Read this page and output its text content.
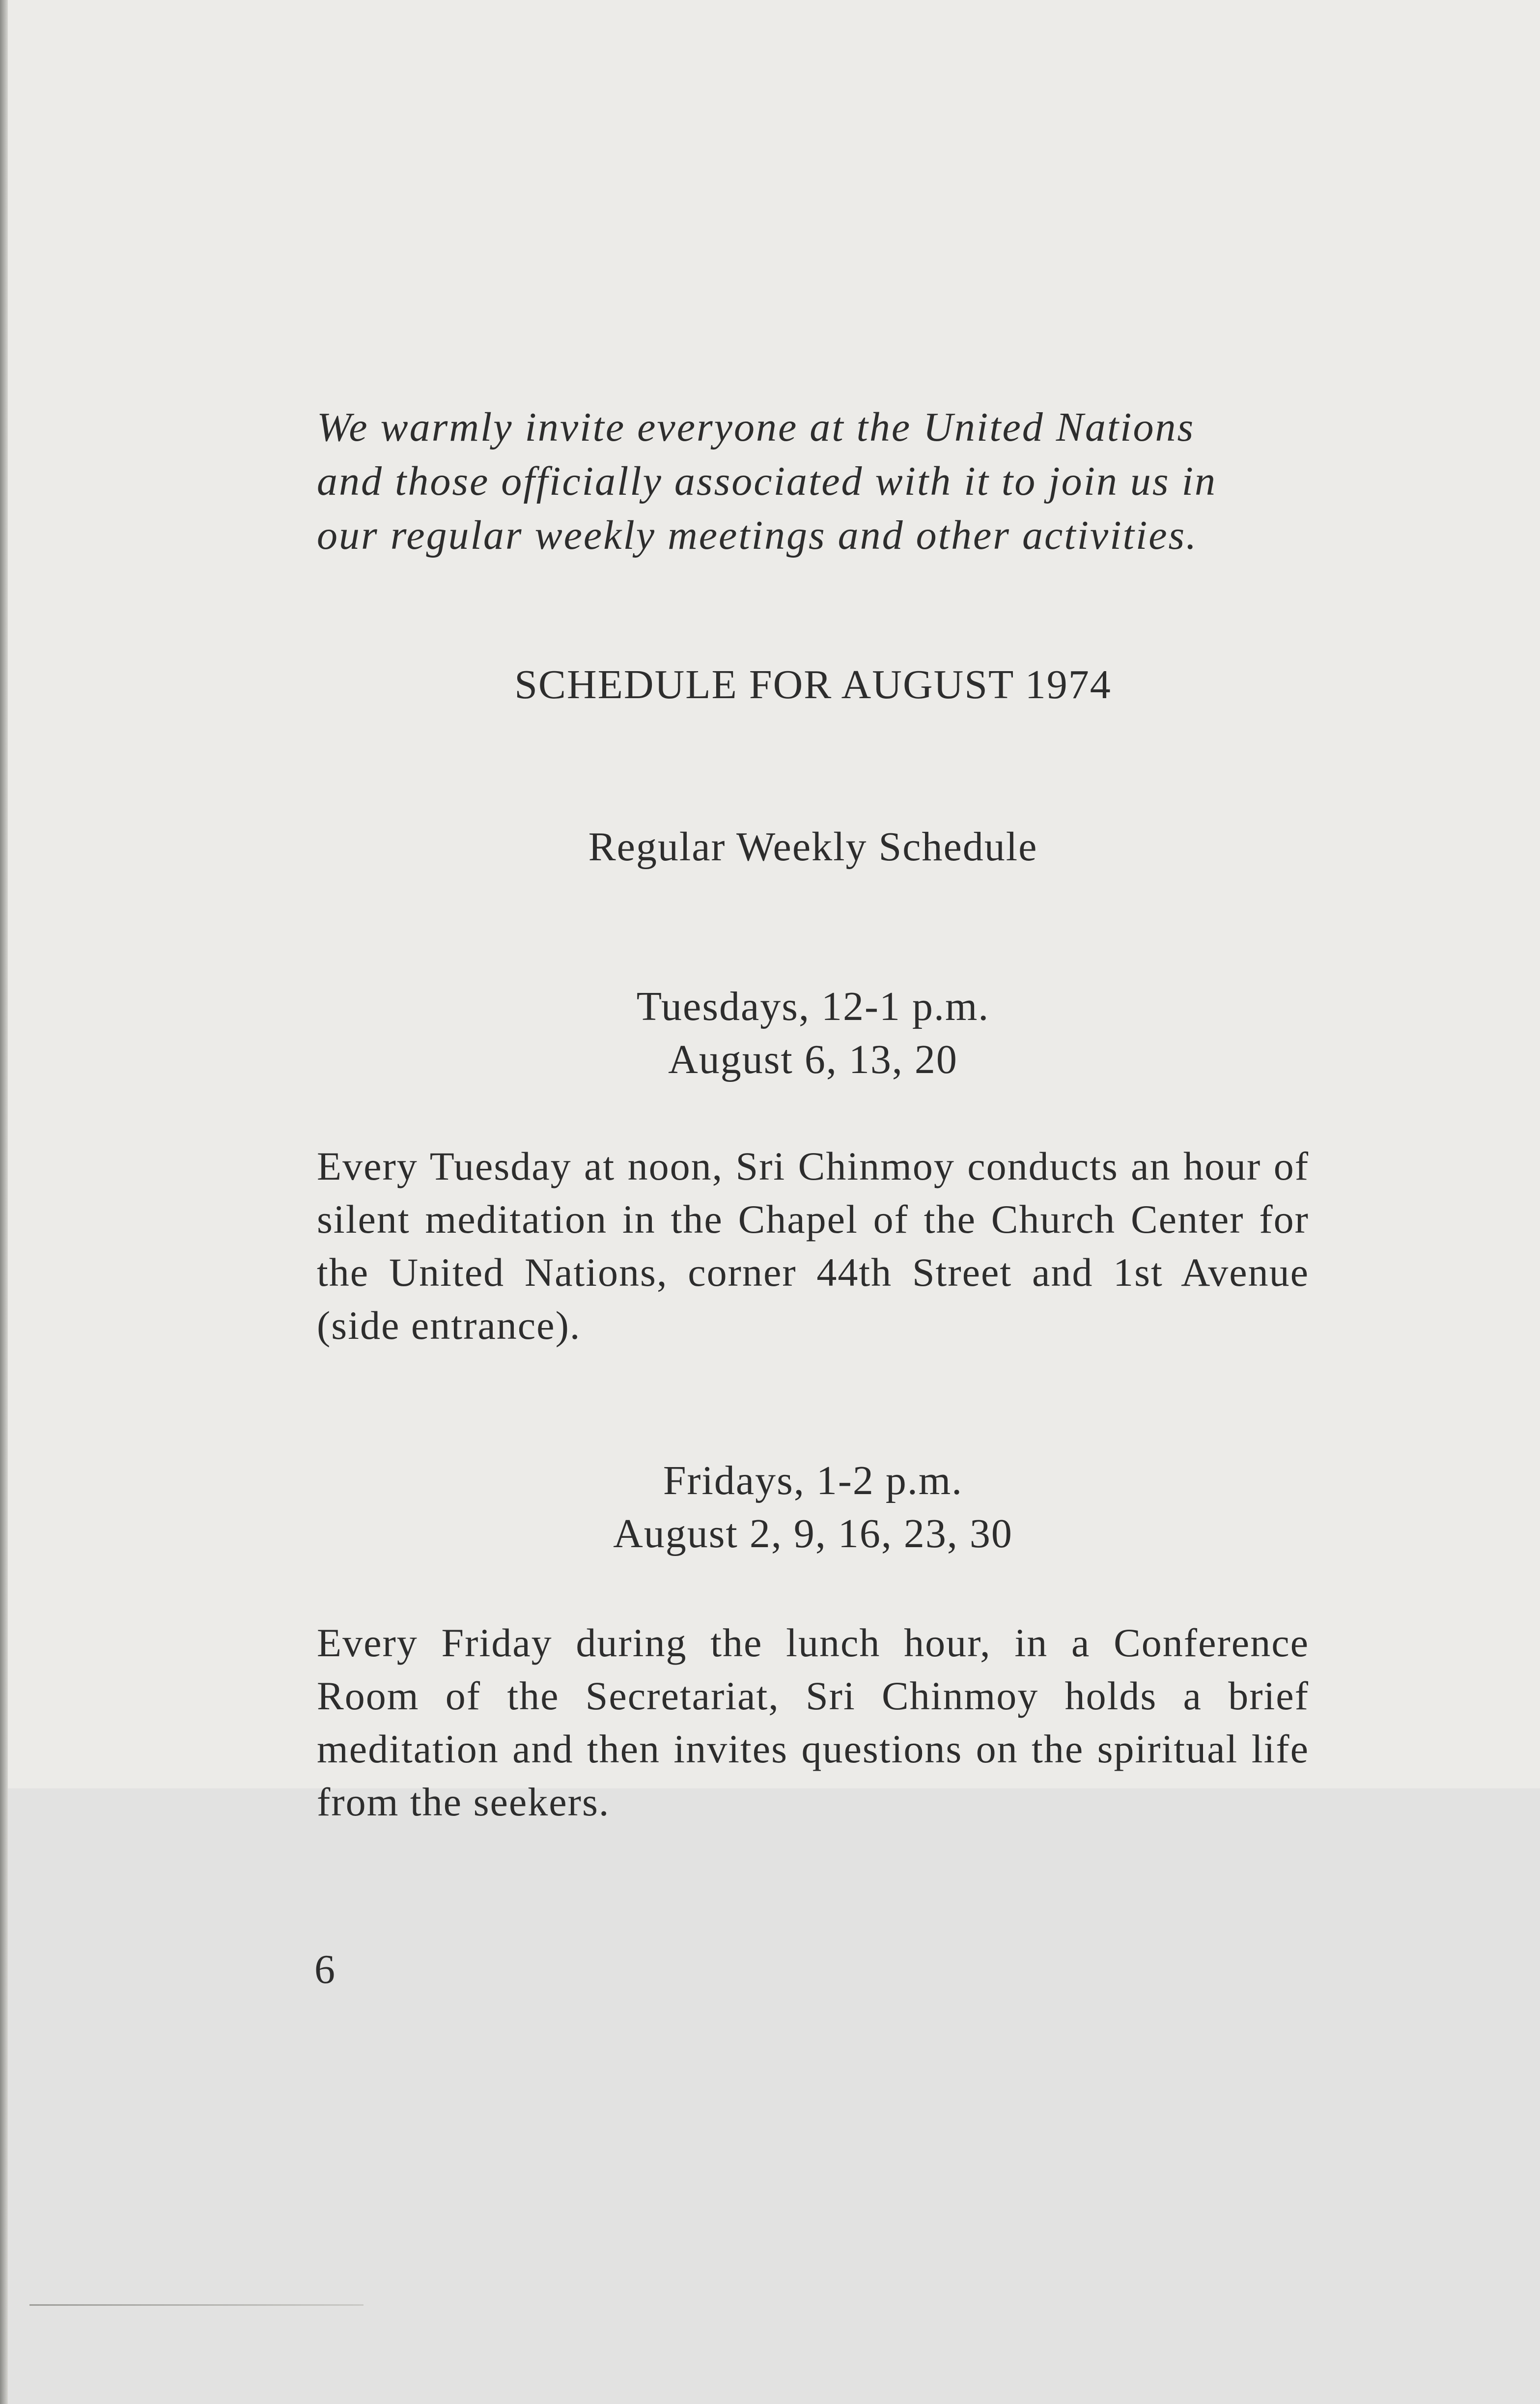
We warmly invite everyone at the United Nations
and those officially associated with it to join us in
our regular weekly meetings and other activities.
SCHEDULE FOR AUGUST 1974
Regular Weekly Schedule
Tuesdays, 12-1 p.m.
August 6, 13, 20
Every Tuesday at noon, Sri Chinmoy conducts an hour of silent meditation in the Chapel of the Church Center for the United Nations, corner 44th Street and 1st Avenue (side entrance).
Fridays, 1-2 p.m.
August 2, 9, 16, 23, 30
Every Friday during the lunch hour, in a Conference Room of the Secretariat, Sri Chinmoy holds a brief meditation and then invites questions on the spiritual life from the seekers.
6
